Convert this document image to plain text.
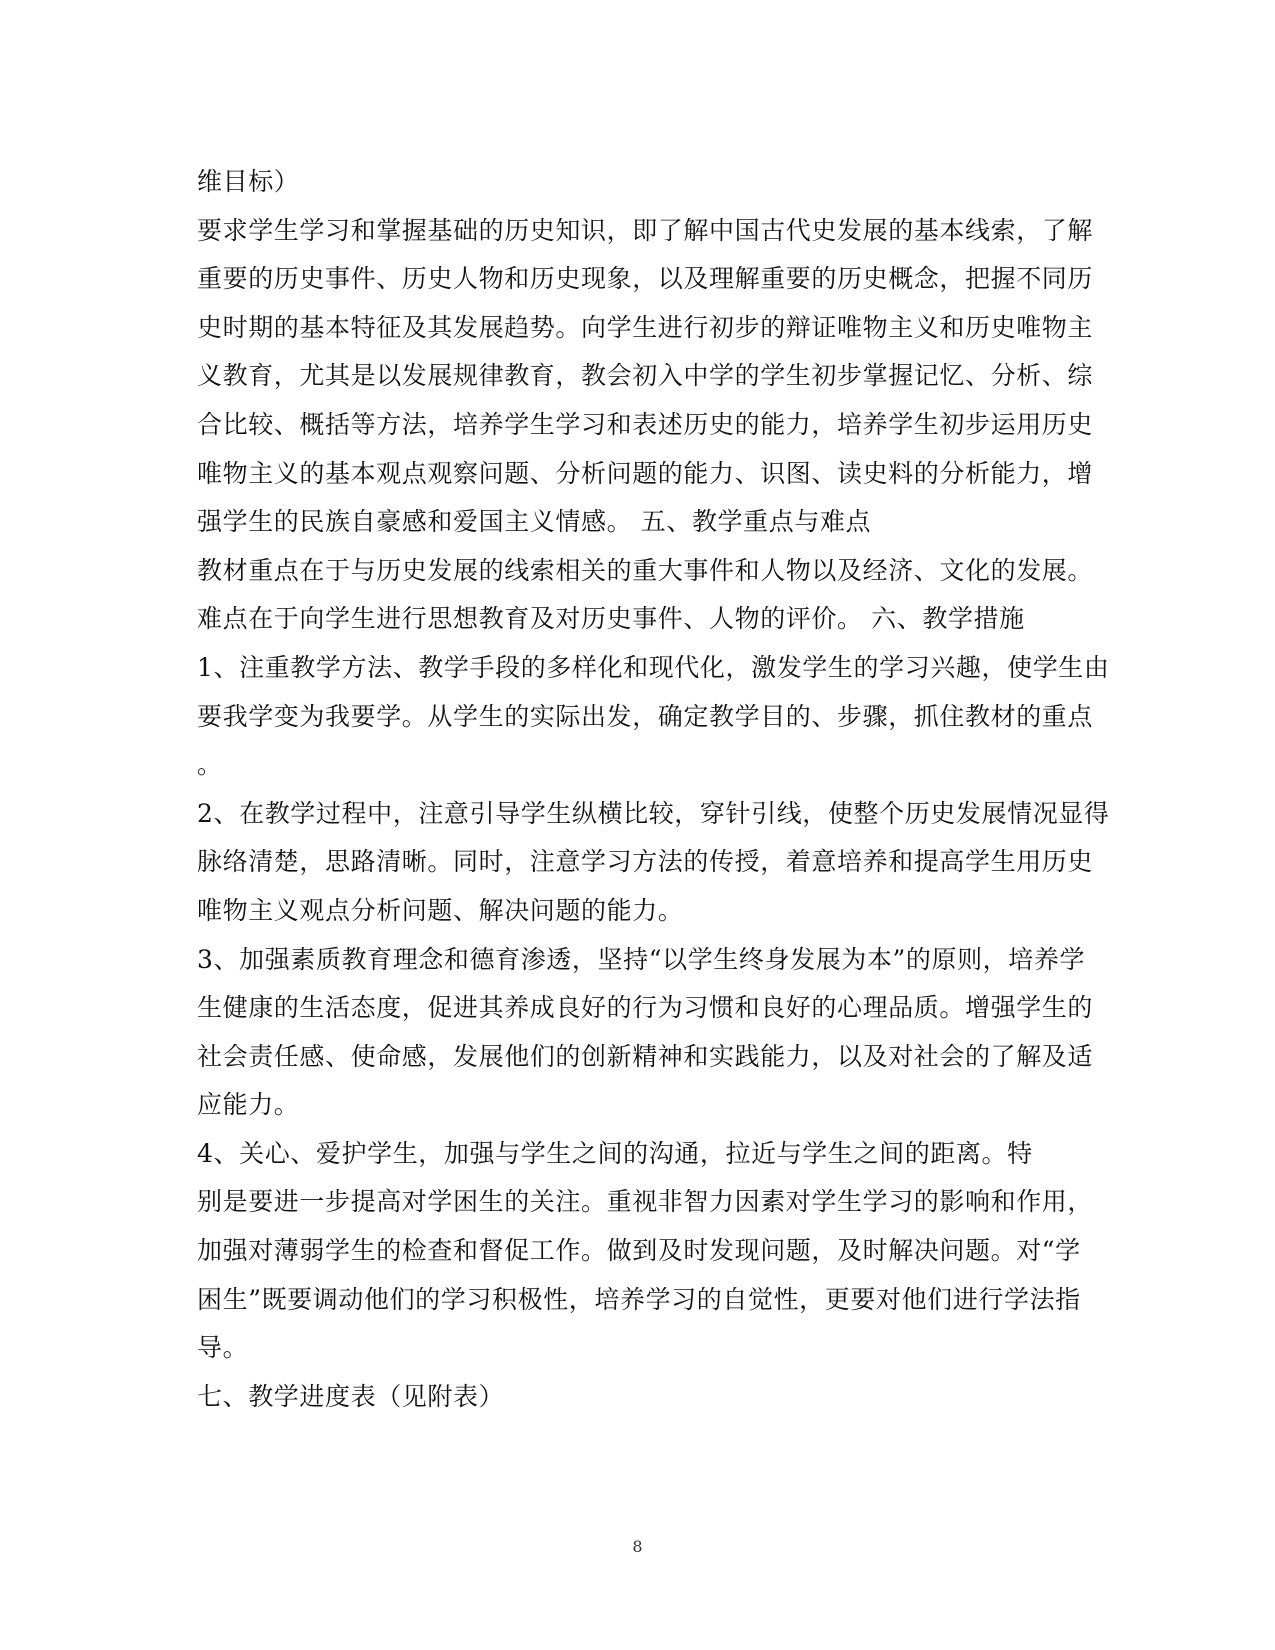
维目标）
要求学生学习和掌握基础的历史知识，即了解中国古代史发展的基本线索，了解
重要的历史事件、历史人物和历史现象，以及理解重要的历史概念，把握不同历
史时期的基本特征及其发展趋势。向学生进行初步的辩证唯物主义和历史唯物主
义教育，尤其是以发展规律教育，教会初入中学的学生初步掌握记忆、分析、综
合比较、概括等方法，培养学生学习和表述历史的能力，培养学生初步运用历史
唯物主义的基本观点观察问题、分析问题的能力、识图、读史料的分析能力，增
强学生的民族自豪感和爱国主义情感。 五、教学重点与难点
教材重点在于与历史发展的线索相关的重大事件和人物以及经济、文化的发展。
难点在于向学生进行思想教育及对历史事件、人物的评价。 六、教学措施
1、注重教学方法、教学手段的多样化和现代化，激发学生的学习兴趣，使学生由
要我学变为我要学。从学生的实际出发，确定教学目的、步骤，抓住教材的重点
。
2、在教学过程中，注意引导学生纵横比较，穿针引线，使整个历史发展情况显得
脉络清楚，思路清晰。同时，注意学习方法的传授，着意培养和提高学生用历史
唯物主义观点分析问题、解决问题的能力。
3、加强素质教育理念和德育渗透，坚持“以学生终身发展为本”的原则，培养学
生健康的生活态度，促进其养成良好的行为习惯和良好的心理品质。增强学生的
社会责任感、使命感，发展他们的创新精神和实践能力，以及对社会的了解及适
应能力。
4、关心、爱护学生，加强与学生之间的沟通，拉近与学生之间的距离。特
别是要进一步提高对学困生的关注。重视非智力因素对学生学习的影响和作用，
加强对薄弱学生的检查和督促工作。做到及时发现问题，及时解决问题。对“学
困生”既要调动他们的学习积极性，培养学习的自觉性，更要对他们进行学法指
导。
七、教学进度表（见附表）
8
